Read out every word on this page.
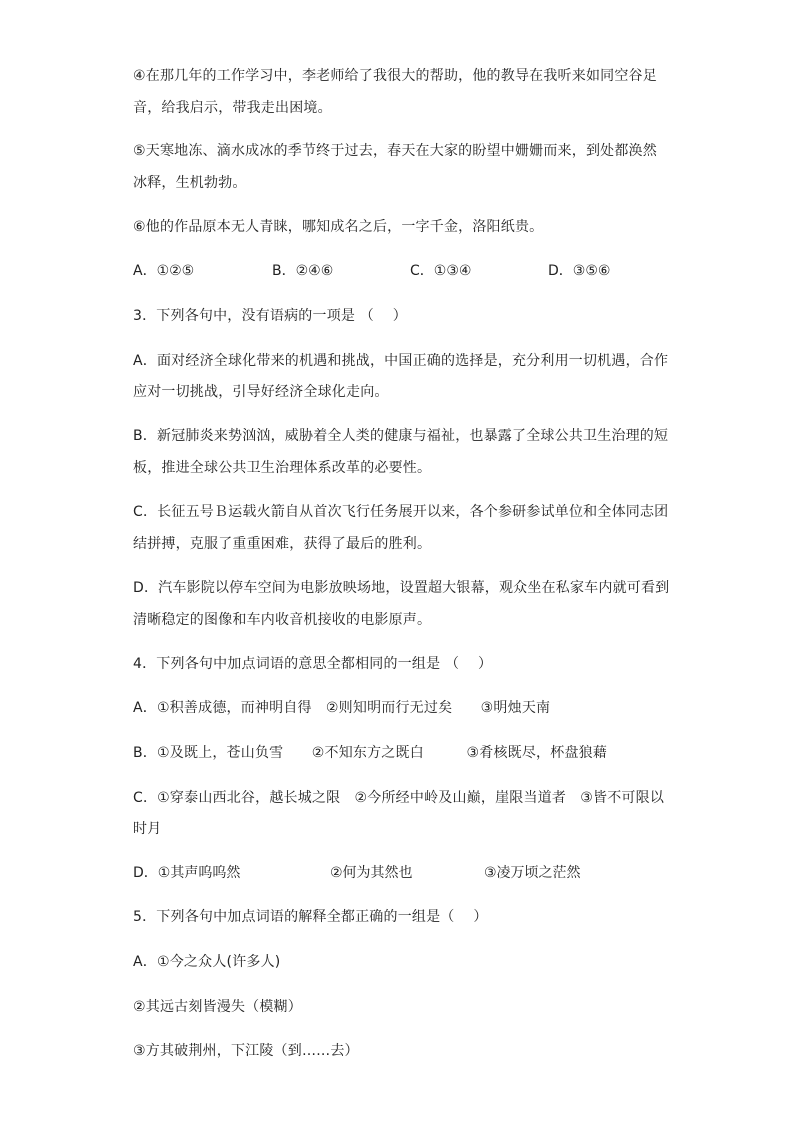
④在那几年的工作学习中，李老师给了我很大的帮助，他的教导在我听来如同空谷足
音，给我启示，带我走出困境。
⑤天寒地冻、滴水成冰的季节终于过去，春天在大家的盼望中姗姗而来，到处都涣然
冰释，生机勃勃。
⑥他的作品原本无人青睐，哪知成名之后，一字千金，洛阳纸贵。
A．①②⑤	B．②④⑥	C．①③④	D．③⑤⑥
3．下列各句中，没有语病的一项是 （　 ）
A．面对经济全球化带来的机遇和挑战，中国正确的选择是，充分利用一切机遇，合作
应对一切挑战，引导好经济全球化走向。
B．新冠肺炎来势汹汹，威胁着全人类的健康与福祉，也暴露了全球公共卫生治理的短
板，推进全球公共卫生治理体系改革的必要性。
C．长征五号Ｂ运载火箭自从首次飞行任务展开以来，各个参研参试单位和全体同志团
结拼搏，克服了重重困难，获得了最后的胜利。
D．汽车影院以停车空间为电影放映场地，设置超大银幕，观众坐在私家车内就可看到
清晰稳定的图像和车内收音机接收的电影原声。
4．下列各句中加点词语的意思全都相同的一组是 （　 ）
A．①积善成德，而神明自得　②则知明而行无过矣　　③明烛天南
B．①及既上，苍山负雪　　②不知东方之既白　　　③肴核既尽，杯盘狼藉
C．①穿泰山西北谷，越长城之限　②今所经中岭及山巅，崖限当道者　③皆不可限以
时月
D．①其声呜呜然	②何为其然也	③凌万顷之茫然
5．下列各句中加点词语的解释全都正确的一组是（　 ）
A．①今之众人(许多人)
②其远古刻皆漫失（模糊）
③方其破荆州，下江陵（到……去）
